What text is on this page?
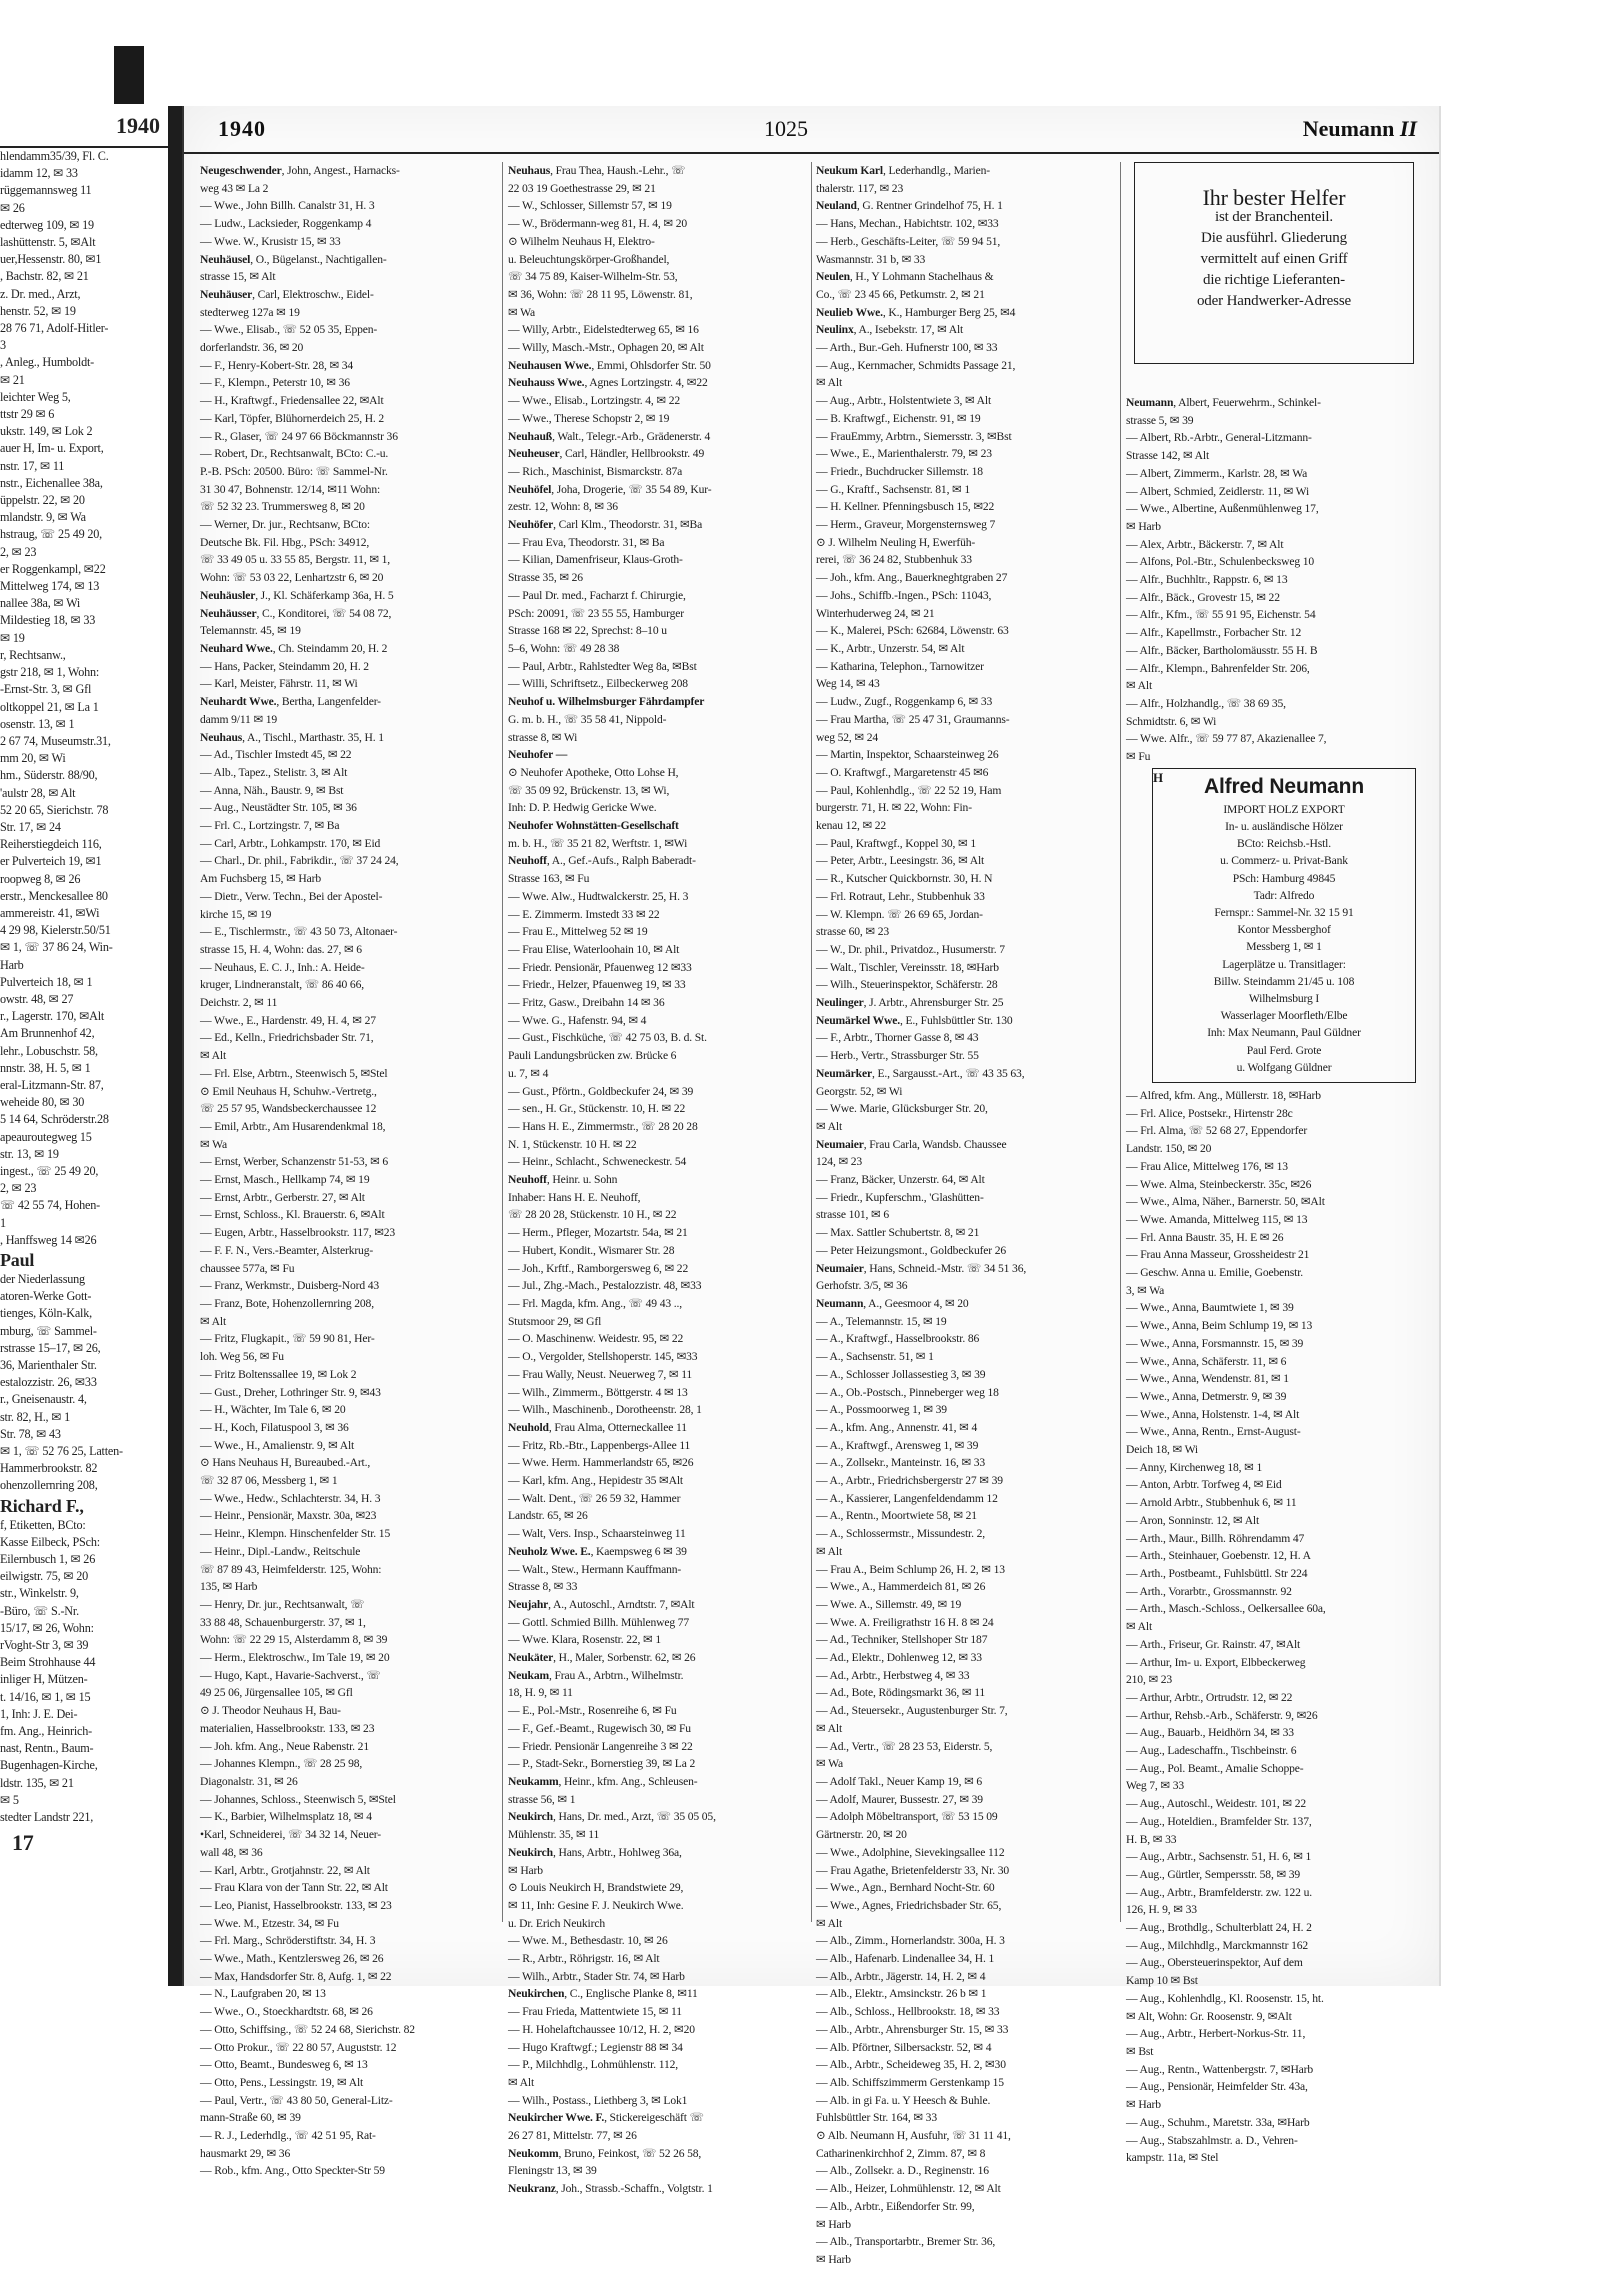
1940
hlendamm35/39, Fl. C.
idamm 12, ✉ 33
rüggemannsweg 11
✉ 26
edterweg 109, ✉ 19
lashüttenstr. 5, ✉Alt
uer,Hessenstr. 80, ✉1
, Bachstr. 82, ✉ 21
z. Dr. med., Arzt,
henstr. 52, ✉ 19
28 76 71, Adolf-Hitler-
3
, Anleg., Humboldt-
✉ 21
leichter Weg 5,
ttstr 29 ✉ 6
ukstr. 149, ✉ Lok 2
auer H, Im- u. Export,
nstr. 17, ✉ 11
nstr., Eichenallee 38a,
üppelstr. 22, ✉ 20
mlandstr. 9, ✉ Wa
hstraug, ☏ 25 49 20,
2, ✉ 23
er Roggenkampl, ✉22
Mittelweg 174, ✉ 13
nallee 38a, ✉ Wi
Mildestieg 18, ✉ 33
✉ 19
r, Rechtsanw.,
gstr 218, ✉ 1, Wohn:
-Ernst-Str. 3, ✉ Gfl
oltkoppel 21, ✉ La 1
osenstr. 13, ✉ 1
2 67 74, Museumstr.31,
mm 20, ✉ Wi
hm., Süderstr. 88/90,
'aulstr 28, ✉ Alt
52 20 65, Sierichstr. 78
Str. 17, ✉ 24
Reiherstiegdeich 116,
er Pulverteich 19, ✉1
roopweg 8, ✉ 26
erstr., Menckesallee 80
ammereistr. 41, ✉Wi
4 29 98, Kielerstr.50/51
✉ 1, ☏ 37 86 24, Win-
Harb
Pulverteich 18, ✉ 1
owstr. 48, ✉ 27
r., Lagerstr. 170, ✉Alt
Am Brunnenhof 42,
lehr., Lobuschstr. 58,
nnstr. 38, H. 5, ✉ 1
eral-Litzmann-Str. 87,
weheide 80, ✉ 30
5 14 64, Schröderstr.28
apeauroutegweg 15
str. 13, ✉ 19
ingest., ☏ 25 49 20,
2, ✉ 23
☏ 42 55 74, Hohen-
1
, Hanffsweg 14 ✉26
Paul
der Niederlassung
atoren-Werke Gott-
tienges, Köln-Kalk,
mburg, ☏ Sammel-
rstrasse 15–17, ✉ 26,
36, Marienthaler Str.
estalozzistr. 26, ✉33
r., Gneisenaustr. 4,
str. 82, H., ✉ 1
Str. 78, ✉ 43
✉ 1, ☏ 52 76 25, Latten-
Hammerbrookstr. 82
ohenzollernring 208,
Richard F.,
f, Etiketten, BCto:
Kasse Eilbeck, PSch:
Eilernbusch 1, ✉ 26
eilwigstr. 75, ✉ 20
str., Winkelstr. 9,
-Büro, ☏ S.-Nr.
15/17, ✉ 26, Wohn:
rVoght-Str 3, ✉ 39
Beim Strohhause 44
inliger H, Mützen-
t. 14/16, ✉ 1, ✉ 15
1, Inh: J. E. Dei-
fm. Ang., Heinrich-
nast, Rentn., Baum-
Bugenhagen-Kirche,
ldstr. 135, ✉ 21
✉ 5
stedter Landstr 221,
17
1940	1025	Neumann II
Neugeschwender, John, Angest., Harnacks-
weg 43 ✉ La 2
— Wwe., John Billh. Canalstr 31, H. 3
— Ludw., Lacksieder, Roggenkamp 4
— Wwe. W., Krusistr 15, ✉ 33
Neuhäusel, O., Bügelanst., Nachtigallen-
strasse 15, ✉ Alt
Neuhäuser, Carl, Elektroschw., Eidel-
stedterweg 127a ✉ 19
— Wwe., Elisab., ☏ 52 05 35, Eppen-
dorferlandstr. 36, ✉ 20
— F., Henry-Kobert-Str. 28, ✉ 34
— F., Klempn., Peterstr 10, ✉ 36
— H., Kraftwgf., Friedensallee 22, ✉Alt
— Karl, Töpfer, Blühornerdeich 25, H. 2
— R., Glaser, ☏ 24 97 66 Böckmannstr 36
— Robert, Dr., Rechtsanwalt, BCto: C.-u.
P.-B. PSch: 20500. Büro: ☏ Sammel-Nr.
31 30 47, Bohnenstr. 12/14, ✉11 Wohn:
☏ 52 32 23. Trummersweg 8, ✉ 20
— Werner, Dr. jur., Rechtsanw, BCto:
Deutsche Bk. Fil. Hbg., PSch: 34912,
☏ 33 49 05 u. 33 55 85, Bergstr. 11, ✉ 1,
Wohn: ☏ 53 03 22, Lenhartzstr 6, ✉ 20
Neuhäusler, J., Kl. Schäferkamp 36a, H. 5
Neuhäusser, C., Konditorei, ☏ 54 08 72,
Telemannstr. 45, ✉ 19
Neuhard Wwe., Ch. Steindamm 20, H. 2
— Hans, Packer, Steindamm 20, H. 2
— Karl, Meister, Fährstr. 11, ✉ Wi
Neuhardt Wwe., Bertha, Langenfelder-
damm 9/11 ✉ 19
Neuhaus, A., Tischl., Marthastr. 35, H. 1
— Ad., Tischler Imstedt 45, ✉ 22
— Alb., Tapez., Stelistr. 3, ✉ Alt
— Anna, Näh., Baustr. 9, ✉ Bst
— Aug., Neustädter Str. 105, ✉ 36
— Frl. C., Lortzingstr. 7, ✉ Ba
— Carl, Arbtr., Lohkampstr. 170, ✉ Eid
— Charl., Dr. phil., Fabrikdir., ☏ 37 24 24,
Am Fuchsberg 15, ✉ Harb
— Dietr., Verw. Techn., Bei der Apostel-
kirche 15, ✉ 19
— E., Tischlermstr., ☏ 43 50 73, Altonaer-
strasse 15, H. 4, Wohn: das. 27, ✉ 6
— Neuhaus, E. C. J., Inh.: A. Heide-
kruger, Lindneranstalt, ☏ 86 40 66,
Deichstr. 2, ✉ 11
— Wwe., E., Hardenstr. 49, H. 4, ✉ 27
— Ed., Kelln., Friedrichsbader Str. 71,
✉ Alt
— Frl. Else, Arbtrn., Steenwisch 5, ✉Stel
⊙ Emil Neuhaus H, Schuhw.-Vertretg.,
☏ 25 57 95, Wandsbeckerchaussee 12
— Emil, Arbtr., Am Husarendenkmal 18,
✉ Wa
— Ernst, Werber, Schanzenstr 51-53, ✉ 6
— Ernst, Masch., Hellkamp 74, ✉ 19
— Ernst, Arbtr., Gerberstr. 27, ✉ Alt
— Ernst, Schloss., Kl. Brauerstr. 6, ✉Alt
— Eugen, Arbtr., Hasselbrookstr. 117, ✉23
— F. F. N., Vers.-Beamter, Alsterkrug-
chaussee 577a, ✉ Fu
— Franz, Werkmstr., Duisberg-Nord 43
— Franz, Bote, Hohenzollernring 208,
✉ Alt
— Fritz, Flugkapit., ☏ 59 90 81, Her-
loh. Weg 56, ✉ Fu
— Fritz Boltenssallee 19, ✉ Lok 2
— Gust., Dreher, Lothringer Str. 9, ✉43
— H., Wächter, Im Tale 6, ✉ 20
— H., Koch, Filatuspool 3, ✉ 36
— Wwe., H., Amalienstr. 9, ✉ Alt
⊙ Hans Neuhaus H, Bureaubed.-Art.,
☏ 32 87 06, Messberg 1, ✉ 1
— Wwe., Hedw., Schlachterstr. 34, H. 3
— Heinr., Pensionär, Maxstr. 30a, ✉23
— Heinr., Klempn. Hinschenfelder Str. 15
— Heinr., Dipl.-Landw., Reitschule
☏ 87 89 43, Heimfelderstr. 125, Wohn:
135, ✉ Harb
— Henry, Dr. jur., Rechtsanwalt, ☏
33 88 48, Schauenburgerstr. 37, ✉ 1,
Wohn: ☏ 22 29 15, Alsterdamm 8, ✉ 39
— Herm., Elektroschw., Im Tale 19, ✉ 20
— Hugo, Kapt., Havarie-Sachverst., ☏
49 25 06, Jürgensallee 105, ✉ Gfl
⊙ J. Theodor Neuhaus H, Bau-
materialien, Hasselbrookstr. 133, ✉ 23
— Joh. kfm. Ang., Neue Rabenstr. 21
— Johannes Klempn., ☏ 28 25 98,
Diagonalstr. 31, ✉ 26
— Johannes, Schloss., Steenwisch 5, ✉Stel
— K., Barbier, Wilhelmsplatz 18, ✉ 4
•Karl, Schneiderei, ☏ 34 32 14, Neuer-
wall 48, ✉ 36
— Karl, Arbtr., Grotjahnstr. 22, ✉ Alt
— Frau Klara von der Tann Str. 22, ✉ Alt
— Leo, Pianist, Hasselbrookstr. 133, ✉ 23
— Wwe. M., Etzestr. 34, ✉ Fu
— Frl. Marg., Schröderstiftstr. 34, H. 3
— Wwe., Math., Kentzlersweg 26, ✉ 26
— Max, Handsdorfer Str. 8, Aufg. 1, ✉ 22
— N., Laufgraben 20, ✉ 13
— Wwe., O., Stoeckhardtstr. 68, ✉ 26
— Otto, Schiffsing., ☏ 52 24 68, Sierichstr. 82
— Otto Prokur., ☏ 22 80 57, Auguststr. 12
— Otto, Beamt., Bundesweg 6, ✉ 13
— Otto, Pens., Lessingstr. 19, ✉ Alt
— Paul, Vertr., ☏ 43 80 50, General-Litz-
mann-Straße 60, ✉ 39
— R. J., Lederhdlg., ☏ 42 51 95, Rat-
hausmarkt 29, ✉ 36
— Rob., kfm. Ang., Otto Speckter-Str 59
Neuhaus, Frau Thea, Haush.-Lehr., ☏
22 03 19 Goethestrasse 29, ✉ 21
— W., Schlosser, Sillemstr 57, ✉ 19
— W., Brödermann-weg 81, H. 4, ✉ 20
⊙ Wilhelm Neuhaus H, Elektro-
u. Beleuchtungskörper-Großhandel,
☏ 34 75 89, Kaiser-Wilhelm-Str. 53,
✉ 36, Wohn: ☏ 28 11 95, Löwenstr. 81,
✉ Wa
— Willy, Arbtr., Eidelstedterweg 65, ✉ 16
— Willy, Masch.-Mstr., Ophagen 20, ✉ Alt
Neuhausen Wwe., Emmi, Ohlsdorfer Str. 50
Neuhauss Wwe., Agnes Lortzingstr. 4, ✉22
— Wwe., Elisab., Lortzingstr. 4, ✉ 22
— Wwe., Therese Schopstr 2, ✉ 19
Neuhauß, Walt., Telegr.-Arb., Grädenerstr. 4
Neuheuser, Carl, Händler, Hellbrookstr. 49
— Rich., Maschinist, Bismarckstr. 87a
Neuhöfel, Joha, Drogerie, ☏ 35 54 89, Kur-
zestr. 12, Wohn: 8, ✉ 36
Neuhöfer, Carl Klm., Theodorstr. 31, ✉Ba
— Frau Eva, Theodorstr. 31, ✉ Ba
— Kilian, Damenfriseur, Klaus-Groth-
Strasse 35, ✉ 26
— Paul Dr. med., Facharzt f. Chirurgie,
PSch: 20091, ☏ 23 55 55, Hamburger
Strasse 168 ✉ 22, Sprechst: 8–10 u
5–6, Wohn: ☏ 49 28 38
— Paul, Arbtr., Rahlstedter Weg 8a, ✉Bst
— Willi, Schriftsetz., Eilbeckerweg 208
Neuhof u. Wilhelmsburger Fährdampfer
G. m. b. H., ☏ 35 58 41, Nippold-
strasse 8, ✉ Wi
Neuhofer —
⊙ Neuhofer Apotheke, Otto Lohse H,
☏ 35 09 92, Brückenstr. 13, ✉ Wi,
Inh: D. P. Hedwig Gericke Wwe.
Neuhofer Wohnstätten-Gesellschaft
m. b. H., ☏ 35 21 82, Werftstr. 1, ✉Wi
Neuhoff, A., Gef.-Aufs., Ralph Baberadt-
Strasse 163, ✉ Fu
— Wwe. Alw., Hudtwalckerstr. 25, H. 3
— E. Zimmerm. Imstedt 33 ✉ 22
— Frau E., Mittelweg 52 ✉ 19
— Frau Elise, Waterloohain 10, ✉ Alt
— Friedr. Pensionär, Pfauenweg 12 ✉33
— Friedr., Helzer, Pfauenweg 19, ✉ 33
— Fritz, Gasw., Dreibahn 14 ✉ 36
— Wwe. G., Hafenstr. 94, ✉ 4
— Gust., Fischküche, ☏ 42 75 03, B. d. St.
Pauli Landungsbrücken zw. Brücke 6
u. 7, ✉ 4
— Gust., Pförtn., Goldbeckufer 24, ✉ 39
— sen., H. Gr., Stückenstr. 10, H. ✉ 22
— Hans H. E., Zimmermstr., ☏ 28 20 28
N. 1, Stückenstr. 10 H. ✉ 22
— Heinr., Schlacht., Schweneckestr. 54
Neuhoff, Heinr. u. Sohn
Inhaber: Hans H. E. Neuhoff,
☏ 28 20 28, Stückenstr. 10 H., ✉ 22
— Herm., Pfleger, Mozartstr. 54a, ✉ 21
— Hubert, Kondit., Wismarer Str. 28
— Joh., Krftf., Ramborgersweg 6, ✉ 22
— Jul., Zhg.-Mach., Pestalozzistr. 48, ✉33
— Frl. Magda, kfm. Ang., ☏ 49 43 ..,
Stutsmoor 29, ✉ Gfl
— O. Maschinenw. Weidestr. 95, ✉ 22
— O., Vergolder, Stellshoperstr. 145, ✉33
— Frau Wally, Neust. Neuerweg 7, ✉ 11
— Wilh., Zimmerm., Böttgerstr. 4 ✉ 13
— Wilh., Maschinenb., Dorotheenstr. 28, 1
Neuhold, Frau Alma, Otterneckallee 11
— Fritz, Rb.-Btr., Lappenbergs-Allee 11
— Wwe. Herm. Hammerlandstr 65, ✉26
— Karl, kfm. Ang., Hepidestr 35 ✉Alt
— Walt. Dent., ☏ 26 59 32, Hammer
Landstr. 65, ✉ 26
— Walt, Vers. Insp., Schaarsteinweg 11
Neuholz Wwe. E., Kaempsweg 6 ✉ 39
— Walt., Stew., Hermann Kauffmann-
Strasse 8, ✉ 33
Neujahr, A., Autoschl., Arndtstr. 7, ✉Alt
— Gottl. Schmied Billh. Mühlenweg 77
— Wwe. Klara, Rosenstr. 22, ✉ 1
Neukäter, H., Maler, Sorbenstr. 62, ✉ 26
Neukam, Frau A., Arbtrn., Wilhelmstr.
18, H. 9, ✉ 11
— E., Pol.-Mstr., Rosenreihe 6, ✉ Fu
— F., Gef.-Beamt., Rugewisch 30, ✉ Fu
— Friedr. Pensionär Langenreihe 3 ✉ 22
— P., Stadt-Sekr., Bornerstieg 39, ✉ La 2
Neukamm, Heinr., kfm. Ang., Schleusen-
strasse 56, ✉ 1
Neukirch, Hans, Dr. med., Arzt, ☏ 35 05 05,
Mühlenstr. 35, ✉ 11
Neukirch, Hans, Arbtr., Hohlweg 36a,
✉ Harb
⊙ Louis Neukirch H, Brandstwiete 29,
✉ 11, Inh: Gesine F. J. Neukirch Wwe.
u. Dr. Erich Neukirch
— Wwe. M., Bethesdastr. 10, ✉ 26
— R., Arbtr., Röhrigstr. 16, ✉ Alt
— Wilh., Arbtr., Stader Str. 74, ✉ Harb
Neukirchen, C., Englische Planke 8, ✉11
— Frau Frieda, Mattentwiete 15, ✉ 11
— H. Hohelaftchaussee 10/12, H. 2, ✉20
— Hugo Kraftwgf.; Legienstr 88 ✉ 34
— P., Milchhdlg., Lohmühlenstr. 112,
✉ Alt
— Wilh., Postass., Liethberg 3, ✉ Lok1
Neukircher Wwe. F., Stickereigeschäft ☏
26 27 81, Mittelstr. 77, ✉ 26
Neukomm, Bruno, Feinkost, ☏ 52 26 58,
Fleningstr 13, ✉ 39
Neukranz, Joh., Strassb.-Schaffn., Volgtstr. 1
Neukum Karl, Lederhandlg., Marien-
thalerstr. 117, ✉ 23
Neuland, G. Rentner Grindelhof 75, H. 1
— Hans, Mechan., Habichtstr. 102, ✉33
— Herb., Geschäfts-Leiter, ☏ 59 94 51,
Wasmannstr. 31 b, ✉ 33
Neulen, H., Y Lohmann Stachelhaus &
Co., ☏ 23 45 66, Petkumstr. 2, ✉ 21
Neulieb Wwe., K., Hamburger Berg 25, ✉4
Neulinx, A., Isebekstr. 17, ✉ Alt
— Arth., Bur.-Geh. Hufnerstr 100, ✉ 33
— Aug., Kernmacher, Schmidts Passage 21,
✉ Alt
— Aug., Arbtr., Holstentwiete 3, ✉ Alt
— B. Kraftwgf., Eichenstr. 91, ✉ 19
— FrauEmmy, Arbtrn., Siemersstr. 3, ✉Bst
— Wwe., E., Marienthalerstr. 79, ✉ 23
— Friedr., Buchdrucker Sillemstr. 18
— G., Kraftf., Sachsenstr. 81, ✉ 1
— H. Kellner. Pfenningsbusch 15, ✉22
— Herm., Graveur, Morgensternsweg 7
⊙ J. Wilhelm Neuling H, Ewerfüh-
rerei, ☏ 36 24 82, Stubbenhuk 33
— Joh., kfm. Ang., Bauerkneghtgraben 27
— Johs., Schiffb.-Ingen., PSch: 11043,
Winterhuderweg 24, ✉ 21
— K., Malerei, PSch: 62684, Löwenstr. 63
— K., Arbtr., Unzerstr. 54, ✉ Alt
— Katharina, Telephon., Tarnowitzer
Weg 14, ✉ 43
— Ludw., Zugf., Roggenkamp 6, ✉ 33
— Frau Martha, ☏ 25 47 31, Graumanns-
weg 52, ✉ 24
— Martin, Inspektor, Schaarsteinweg 26
— O. Kraftwgf., Margaretenstr 45 ✉6
— Paul, Kohlenhdlg., ☏ 22 52 19, Ham
burgerstr. 71, H. ✉ 22, Wohn: Fin-
kenau 12, ✉ 22
— Paul, Kraftwgf., Koppel 30, ✉ 1
— Peter, Arbtr., Leesingstr. 36, ✉ Alt
— R., Kutscher Quickbornstr. 30, H. N
— Frl. Rotraut, Lehr., Stubbenhuk 33
— W. Klempn. ☏ 26 69 65, Jordan-
strasse 60, ✉ 23
— W., Dr. phil., Privatdoz., Husumerstr. 7
— Walt., Tischler, Vereinsstr. 18, ✉Harb
— Wilh., Steuerinspektor, Schäferstr. 28
Neulinger, J. Arbtr., Ahrensburger Str. 25
Neumärkel Wwe., E., Fuhlsbüttler Str. 130
— F., Arbtr., Thorner Gasse 8, ✉ 43
— Herb., Vertr., Strassburger Str. 55
Neumärker, E., Sargausst.-Art., ☏ 43 35 63,
Georgstr. 52, ✉ Wi
— Wwe. Marie, Glücksburger Str. 20,
✉ Alt
Neumaier, Frau Carla, Wandsb. Chaussee
124, ✉ 23
— Franz, Bäcker, Unzerstr. 64, ✉ Alt
— Friedr., Kupferschm., 'Glashütten-
strasse 101, ✉ 6
— Max. Sattler Schubertstr. 8, ✉ 21
— Peter Heizungsmont., Goldbeckufer 26
Neumaier, Hans, Schneid.-Mstr. ☏ 34 51 36,
Gerhofstr. 3/5, ✉ 36
Neumann, A., Geesmoor 4, ✉ 20
— A., Telemannstr. 15, ✉ 19
— A., Kraftwgf., Hasselbrookstr. 86
— A., Sachsenstr. 51, ✉ 1
— A., Schlosser Jollassestieg 3, ✉ 39
— A., Ob.-Postsch., Pinneberger weg 18
— A., Possmoorweg 1, ✉ 39
— A., kfm. Ang., Annenstr. 41, ✉ 4
— A., Kraftwgf., Arensweg 1, ✉ 39
— A., Zollsekr., Manteinstr. 16, ✉ 33
— A., Arbtr., Friedrichsbergerstr 27 ✉ 39
— A., Kassierer, Langenfeldendamm 12
— A., Rentn., Moortwiete 58, ✉ 21
— A., Schlossermstr., Missundestr. 2,
✉ Alt
— Frau A., Beim Schlump 26, H. 2, ✉ 13
— Wwe., A., Hammerdeich 81, ✉ 26
— Wwe. A., Sillemstr. 49, ✉ 19
— Wwe. A. Freiligrathstr 16 H. 8 ✉ 24
— Ad., Techniker, Stellshoper Str 187
— Ad., Elektr., Dohlenweg 12, ✉ 33
— Ad., Arbtr., Herbstweg 4, ✉ 33
— Ad., Bote, Rödingsmarkt 36, ✉ 11
— Ad., Steuersekr., Augustenburger Str. 7,
✉ Alt
— Ad., Vertr., ☏ 28 23 53, Eiderstr. 5,
✉ Wa
— Adolf Takl., Neuer Kamp 19, ✉ 6
— Adolf, Maurer, Bussestr. 27, ✉ 39
— Adolph Möbeltransport, ☏ 53 15 09
Gärtnerstr. 20, ✉ 20
— Wwe., Adolphine, Sievekingsallee 112
— Frau Agathe, Brietenfelderstr 33, Nr. 30
— Wwe., Agn., Bernhard Nocht-Str. 60
— Wwe., Agnes, Friedrichsbader Str. 65,
✉ Alt
— Alb., Zimm., Hornerlandstr. 300a, H. 3
— Alb., Hafenarb. Lindenallee 34, H. 1
— Alb., Arbtr., Jägerstr. 14, H. 2, ✉ 4
— Alb., Elektr., Amsinckstr. 26 b ✉ 1
— Alb., Schloss., Hellbrookstr. 18, ✉ 33
— Alb., Arbtr., Ahrensburger Str. 15, ✉ 33
— Alb. Pförtner, Silbersackstr. 52, ✉ 4
— Alb., Arbtr., Scheideweg 35, H. 2, ✉30
— Alb. Schiffszimmerm Gerstenkamp 15
— Alb. in gi Fa. u. Y Heesch & Buhle.
Fuhlsbüttler Str. 164, ✉ 33
⊙ Alb. Neumann H, Ausfuhr, ☏ 31 11 41,
Catharinenkirchhof 2, Zimm. 87, ✉ 8
— Alb., Zollsekr. a. D., Reginenstr. 16
— Alb., Heizer, Lohmühlenstr. 12, ✉ Alt
— Alb., Arbtr., Eißendorfer Str. 99,
✉ Harb
— Alb., Transportarbtr., Bremer Str. 36,
✉ Harb
Ihr bester Helfer
ist der Branchenteil.
Die ausführl. Gliederung
vermittelt auf einen Griff
die richtige Lieferanten-
oder Handwerker-Adresse
Neumann, Albert, Feuerwehrm., Schinkel-
strasse 5, ✉ 39
— Albert, Rb.-Arbtr., General-Litzmann-
Strasse 142, ✉ Alt
— Albert, Zimmerm., Karlstr. 28, ✉ Wa
— Albert, Schmied, Zeidlerstr. 11, ✉ Wi
— Wwe., Albertine, Außenmühlenweg 17,
✉ Harb
— Alex, Arbtr., Bäckerstr. 7, ✉ Alt
— Alfons, Pol.-Btr., Schulenbecksweg 10
— Alfr., Buchhltr., Rappstr. 6, ✉ 13
— Alfr., Bäck., Grovestr 15, ✉ 22
— Alfr., Kfm., ☏ 55 91 95, Eichenstr. 54
— Alfr., Kapellmstr., Forbacher Str. 12
— Alfr., Bäcker, Bartholomäusstr. 55 H. B
— Alfr., Klempn., Bahrenfelder Str. 206,
✉ Alt
— Alfr., Holzhandlg., ☏ 38 69 35,
Schmidtstr. 6, ✉ Wi
— Wwe. Alfr., ☏ 59 77 87, Akazienallee 7,
✉ Fu
H	Alfred Neumann
IMPORT HOLZ EXPORT
In- u. ausländische Hölzer
BCto: Reichsb.-Hstl.
u. Commerz- u. Privat-Bank
PSch: Hamburg 49845
Tadr: Alfredo
Fernspr.: Sammel-Nr. 32 15 91
Kontor Messberghof
Messberg 1, ✉ 1
Lagerplätze u. Transitlager:
Billw. Steindamm 21/45 u. 108
Wilhelmsburg I
Wasserlager Moorfleth/Elbe
Inh: Max Neumann, Paul Güldner
Paul Ferd. Grote
u. Wolfgang Güldner
— Alfred, kfm. Ang., Müllerstr. 18, ✉Harb
— Frl. Alice, Postsekr., Hirtenstr 28c
— Frl. Alma, ☏ 52 68 27, Eppendorfer
Landstr. 150, ✉ 20
— Frau Alice, Mittelweg 176, ✉ 13
— Wwe. Alma, Steinbeckerstr. 35c, ✉26
— Wwe., Alma, Näher., Barnerstr. 50, ✉Alt
— Wwe. Amanda, Mittelweg 115, ✉ 13
— Frl. Anna Baustr. 35, H. E ✉ 26
— Frau Anna Masseur, Grossheidestr 21
— Geschw. Anna u. Emilie, Goebenstr.
3, ✉ Wa
— Wwe., Anna, Baumtwiete 1, ✉ 39
— Wwe., Anna, Beim Schlump 19, ✉ 13
— Wwe., Anna, Forsmannstr. 15, ✉ 39
— Wwe., Anna, Schäferstr. 11, ✉ 6
— Wwe., Anna, Wendenstr. 81, ✉ 1
— Wwe., Anna, Detmerstr. 9, ✉ 39
— Wwe., Anna, Holstenstr. 1-4, ✉ Alt
— Wwe., Anna, Rentn., Ernst-August-
Deich 18, ✉ Wi
— Anny, Kirchenweg 18, ✉ 1
— Anton, Arbtr. Torfweg 4, ✉ Eid
— Arnold Arbtr., Stubbenhuk 6, ✉ 11
— Aron, Sonninstr. 12, ✉ Alt
— Arth., Maur., Billh. Röhrendamm 47
— Arth., Steinhauer, Goebenstr. 12, H. A
— Arth., Postbeamt., Fuhlsbüttl. Str 224
— Arth., Vorarbtr., Grossmannstr. 92
— Arth., Masch.-Schloss., Oelkersallee 60a,
✉ Alt
— Arth., Friseur, Gr. Rainstr. 47, ✉Alt
— Arthur, Im- u. Export, Elbbeckerweg
210, ✉ 23
— Arthur, Arbtr., Ortrudstr. 12, ✉ 22
— Arthur, Rehsb.-Arb., Schäferstr. 9, ✉26
— Aug., Bauarb., Heidhörn 34, ✉ 33
— Aug., Ladeschaffn., Tischbeinstr. 6
— Aug., Pol. Beamt., Amalie Schoppe-
Weg 7, ✉ 33
— Aug., Autoschl., Weidestr. 101, ✉ 22
— Aug., Hoteldien., Bramfelder Str. 137,
H. B, ✉ 33
— Aug., Arbtr., Sachsenstr. 51, H. 6, ✉ 1
— Aug., Gürtler, Sempersstr. 58, ✉ 39
— Aug., Arbtr., Bramfelderstr. zw. 122 u.
126, H. 9, ✉ 33
— Aug., Brothdlg., Schulterblatt 24, H. 2
— Aug., Milchhdlg., Marckmannstr 162
— Aug., Obersteuerinspektor, Auf dem
Kamp 10 ✉ Bst
— Aug., Kohlenhdlg., Kl. Roosenstr. 15, ht.
✉ Alt, Wohn: Gr. Roosenstr. 9, ✉Alt
— Aug., Arbtr., Herbert-Norkus-Str. 11,
✉ Bst
— Aug., Rentn., Wattenbergstr. 7, ✉Harb
— Aug., Pensionär, Heimfelder Str. 43a,
✉ Harb
— Aug., Schuhm., Maretstr. 33a, ✉Harb
— Aug., Stabszahlmstr. a. D., Vehren-
kampstr. 11a, ✉ Stel
